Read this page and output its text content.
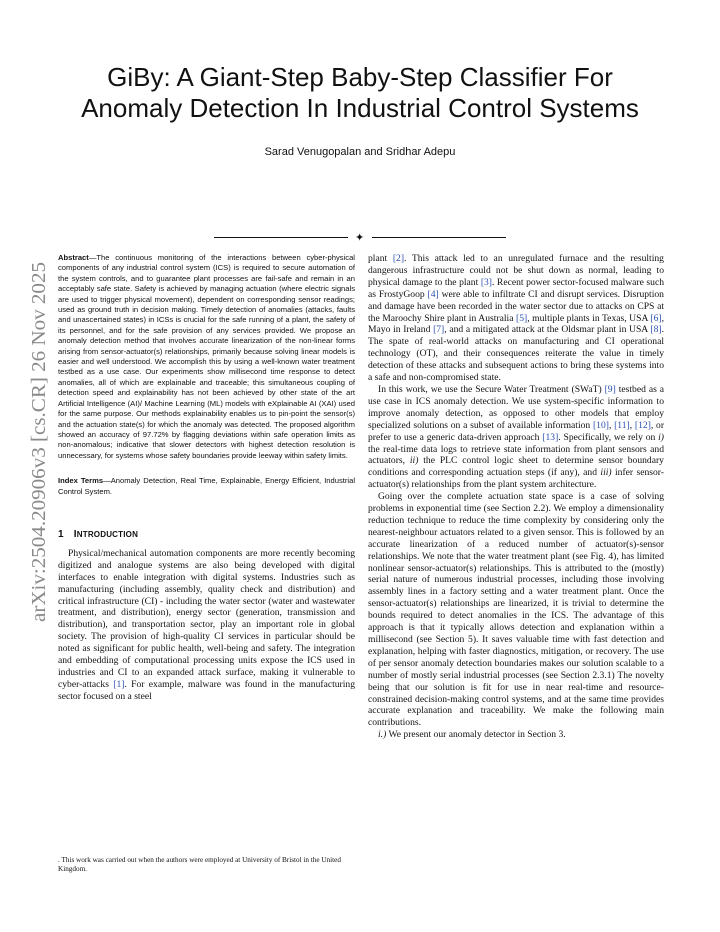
GiBy: A Giant-Step Baby-Step Classifier For
Anomaly Detection In Industrial Control Systems
Sarad Venugopalan and Sridhar Adepu
✦
arXiv:2504.20906v3 [cs.CR] 26 Nov 2025

Abstract—The continuous monitoring of the interactions between cyber-physical components of any industrial control system (ICS) is required to secure automation of the system controls, and to guarantee plant processes are fail-safe and remain in an acceptably safe state. Safety is achieved by managing actuation (where electric signals are used to trigger physical movement), dependent on corresponding sensor readings; used as ground truth in decision making. Timely detection of anomalies (attacks, faults and unascertained states) in ICSs is crucial for the safe running of a plant, the safety of its personnel, and for the safe provision of any services provided. We propose an anomaly detection method that involves accurate linearization of the non-linear forms arising from sensor-actuator(s) relationships, primarily because solving linear models is easier and well understood. We accomplish this by using a well-known water treatment testbed as a use case. Our experiments show millisecond time response to detect anomalies, all of which are explainable and traceable; this simultaneous coupling of detection speed and explainability has not been achieved by other state of the art Artificial Intelligence (AI)/ Machine Learning (ML) models with eXplainable AI (XAI) used for the same purpose. Our methods explainability enables us to pin-point the sensor(s) and the actuation state(s) for which the anomaly was detected. The proposed algorithm showed an accuracy of 97.72% by flagging deviations within safe operation limits as non-anomalous; indicative that slower detectors with highest detection resolution is unnecessary, for systems whose safety boundaries provide leeway within safety limits.

Index Terms—Anomaly Detection, Real Time, Explainable, Energy Efficient, Industrial Control System.

1 INTRODUCTION

Physical/mechanical automation components are more recently becoming digitized and analogue systems are also being developed with digital interfaces to enable integration with digital systems. Industries such as manufacturing (including assembly, quality check and distribution) and critical infrastructure (CI) - including the water sector (water and wastewater treatment, and distribution), energy sector (generation, transmission and distribution), and transportation sector, play an important role in global society. The provision of high-quality CI services in particular should be noted as significant for public health, well-being and safety. The integration and embedding of computational processing units expose the ICS used in industries and CI to an expanded attack surface, making it vulnerable to cyber-attacks [1]. For example, malware was found in the manufacturing sector focused on a steel

. This work was carried out when the authors were employed at University of Bristol in the United Kingdom.

plant [2]. This attack led to an unregulated furnace and the resulting dangerous infrastructure could not be shut down as normal, leading to physical damage to the plant [3]. Recent power sector-focused malware such as FrostyGoop [4] were able to infiltrate CI and disrupt services. Disruption and damage have been recorded in the water sector due to attacks on CPS at the Maroochy Shire plant in Australia [5], multiple plants in Texas, USA [6], Mayo in Ireland [7], and a mitigated attack at the Oldsmar plant in USA [8]. The spate of real-world attacks on manufacturing and CI operational technology (OT), and their consequences reiterate the value in timely detection of these attacks and subsequent actions to bring these systems into a safe and non-compromised state.

In this work, we use the Secure Water Treatment (SWaT) [9] testbed as a use case in ICS anomaly detection. We use system-specific information to improve anomaly detection, as opposed to other models that employ specialized solutions on a subset of available information [10], [11], [12], or prefer to use a generic data-driven approach [13]. Specifically, we rely on i) the real-time data logs to retrieve state information from plant sensors and actuators, ii) the PLC control logic sheet to determine sensor boundary conditions and corresponding actuation steps (if any), and iii) infer sensor-actuator(s) relationships from the plant system architecture.

Going over the complete actuation state space is a case of solving problems in exponential time (see Section 2.2). We employ a dimensionality reduction technique to reduce the time complexity by considering only the nearest-neighbour actuators related to a given sensor. This is followed by an accurate linearization of a reduced number of actuator(s)-sensor relationships. We note that the water treatment plant (see Fig. 4), has limited nonlinear sensor-actuator(s) relationships. This is attributed to the (mostly) serial nature of numerous industrial processes, including those involving assembly lines in a factory setting and a water treatment plant. Once the sensor-actuator(s) relationships are linearized, it is trivial to determine the bounds required to detect anomalies in the ICS. The advantage of this approach is that it typically allows detection and explanation within a millisecond (see Section 5). It saves valuable time with fast detection and explanation, helping with faster diagnostics, mitigation, or recovery. The use of per sensor anomaly detection boundaries makes our solution scalable to a number of mostly serial industrial processes (see Section 2.3.1) The novelty being that our solution is fit for use in near real-time and resource-constrained decision-making control systems, and at the same time provides accurate explanation and traceability. We make the following main contributions.

i.) We present our anomaly detector in Section 3.
